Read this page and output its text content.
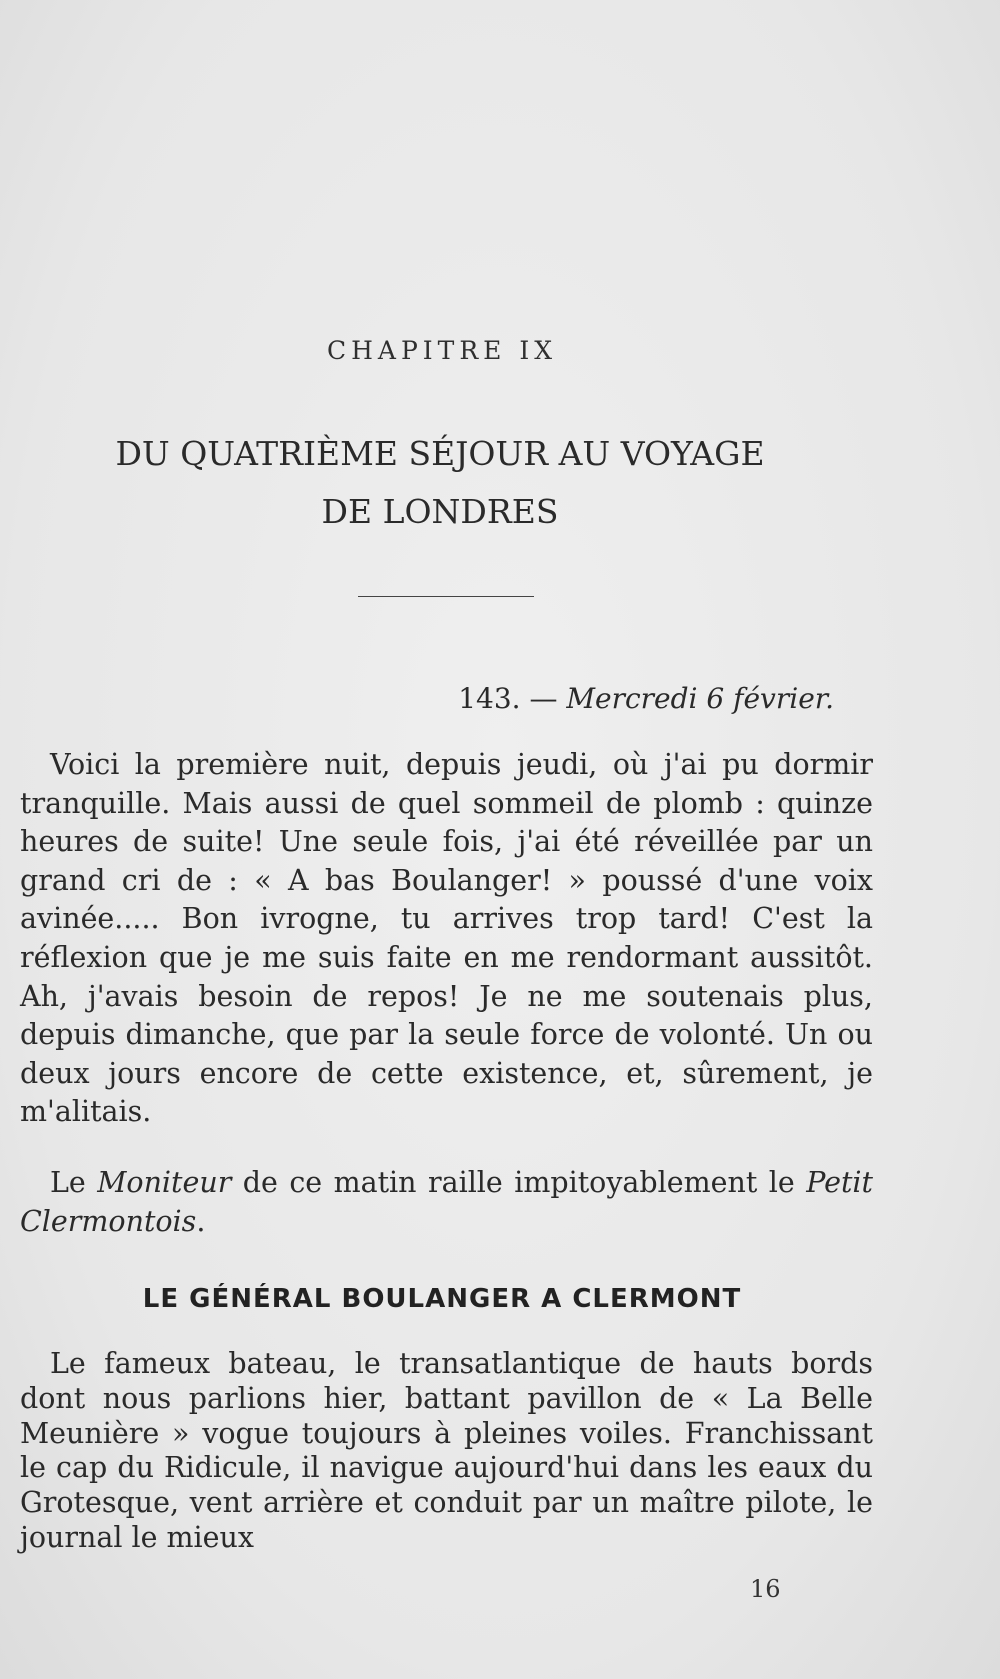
CHAPITRE IX
DU QUATRIÈME SÉJOUR AU VOYAGE
DE LONDRES
143. — Mercredi 6 février.

Voici la première nuit, depuis jeudi, où j'ai pu dormir tranquille. Mais aussi de quel sommeil de plomb : quinze heures de suite! Une seule fois, j'ai été réveillée par un grand cri de : « A bas Boulanger! » poussé d'une voix avinée..... Bon ivrogne, tu arrives trop tard! C'est la réflexion que je me suis faite en me rendormant aussitôt. Ah, j'avais besoin de repos! Je ne me soutenais plus, depuis dimanche, que par la seule force de volonté. Un ou deux jours encore de cette existence, et, sûrement, je m'alitais.

Le Moniteur de ce matin raille impitoyablement le Petit Clermontois.

LE GÉNÉRAL BOULANGER A CLERMONT

Le fameux bateau, le transatlantique de hauts bords dont nous parlions hier, battant pavillon de « La Belle Meunière » vogue toujours à pleines voiles. Franchissant le cap du Ridicule, il navigue aujourd'hui dans les eaux du Grotesque, vent arrière et conduit par un maître pilote, le journal le mieux

16
